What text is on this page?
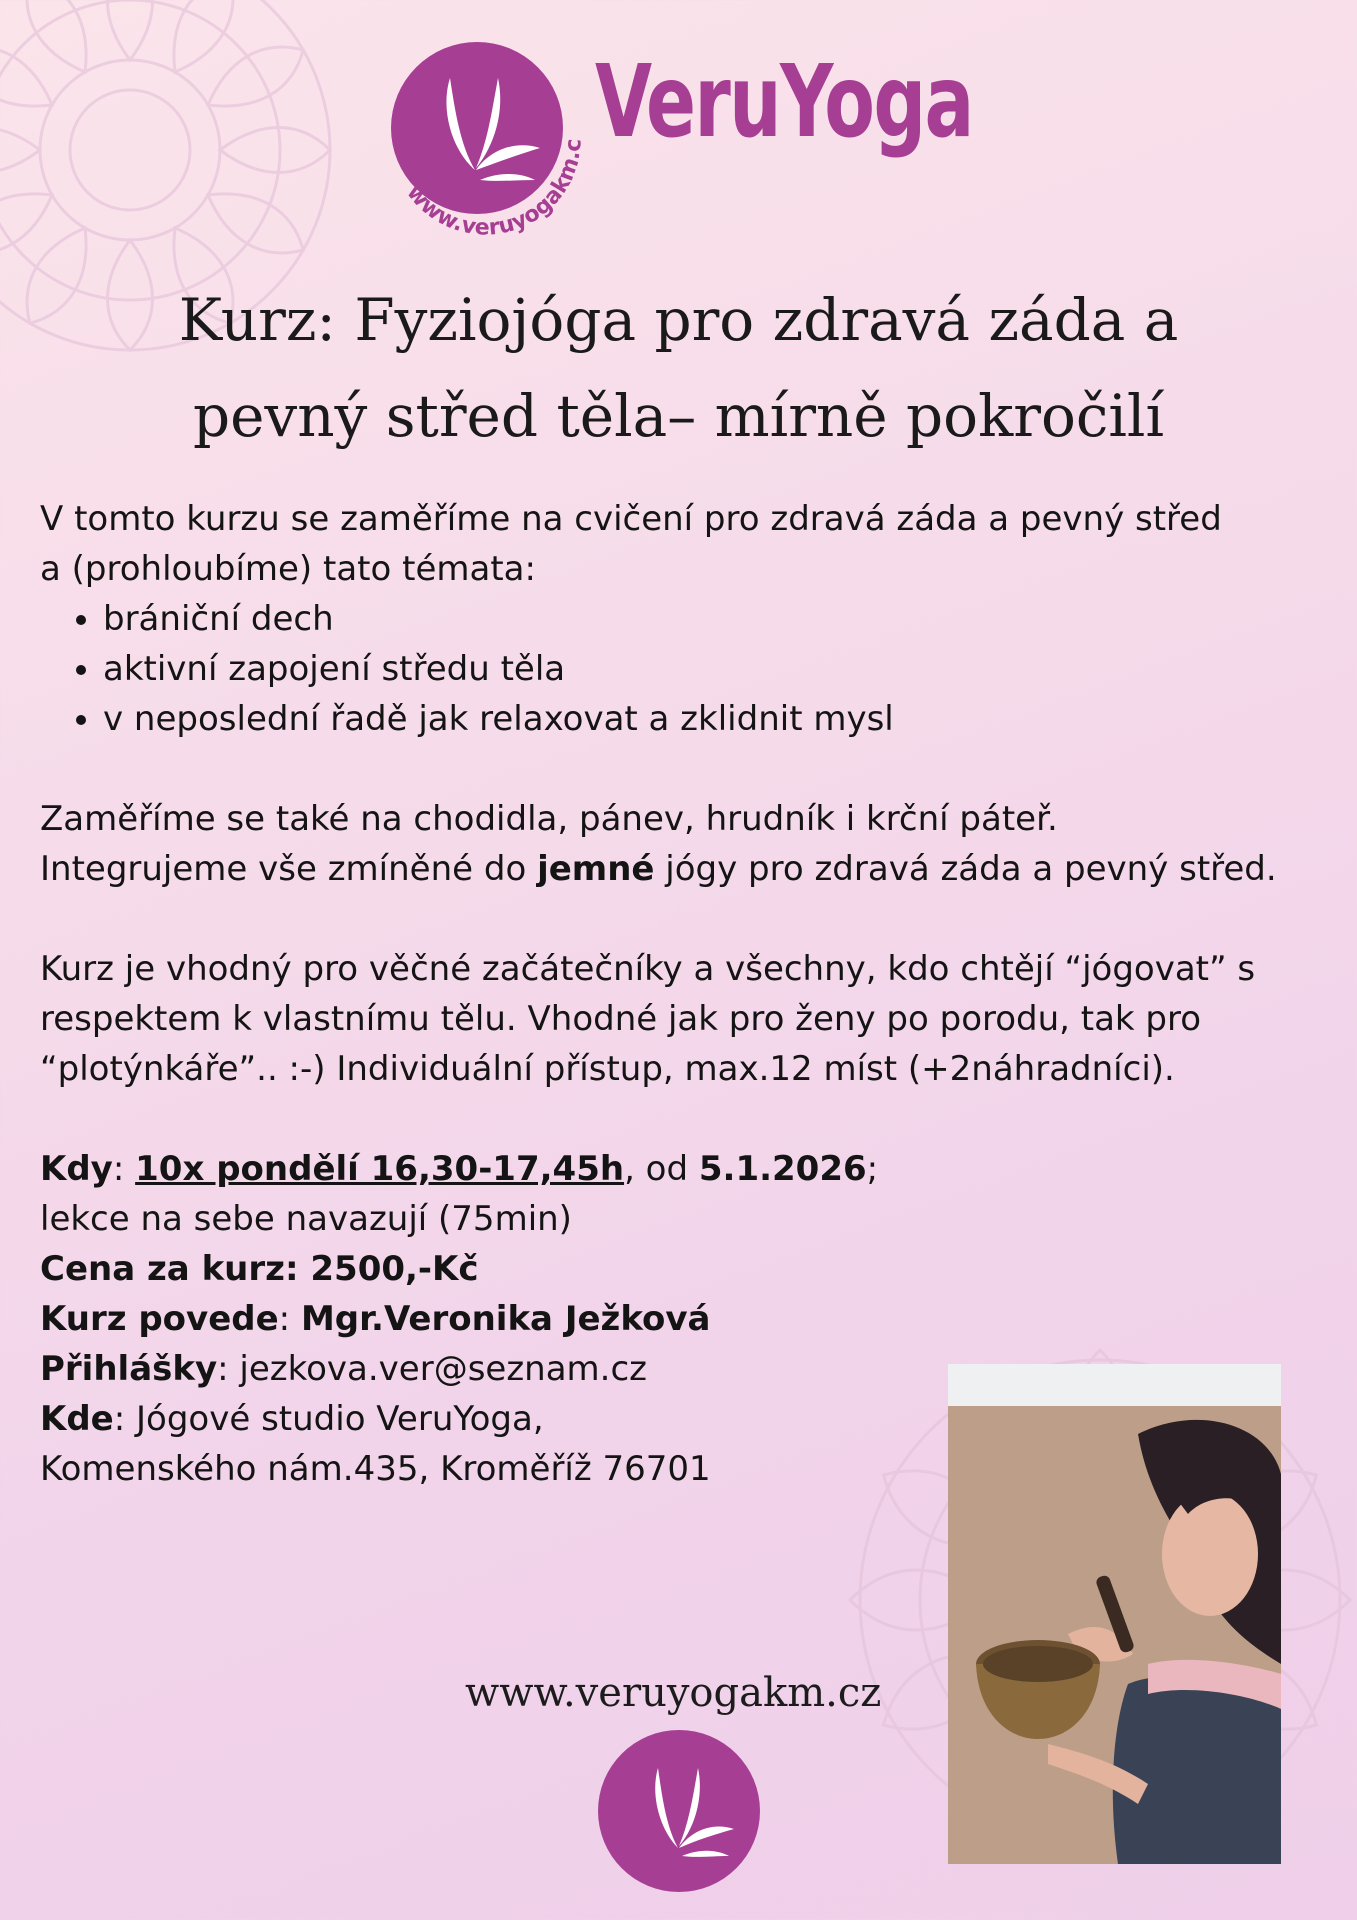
www.veruyogakm.cz
VeruYoga
Kurz: Fyziojóga pro zdravá záda a
pevný střed těla– mírně pokročilí

V tomto kurzu se zaměříme na cvičení pro zdravá záda a pevný střed
a (prohloubíme) tato témata:

• brániční dech
• aktivní zapojení středu těla
• v neposlední řadě jak relaxovat a zklidnit mysl

Zaměříme se také na chodidla, pánev, hrudník i krční páteř.
Integrujeme vše zmíněné do jemné jógy pro zdravá záda a pevný střed.

Kurz je vhodný pro věčné začátečníky a všechny, kdo chtějí “jógovat” s
respektem k vlastnímu tělu. Vhodné jak pro ženy po porodu, tak pro
“plotýnkáře”.. :-) Individuální přístup, max.12 míst (+2náhradníci).

Kdy: 10x pondělí 16,30-17,45h, od 5.1.2026;
lekce na sebe navazují (75min)
Cena za kurz: 2500,-Kč
Kurz povede: Mgr.Veronika Ježková
Přihlášky: jezkova.ver@seznam.cz
Kde: Jógové studio VeruYoga,
Komenského nám.435, Kroměříž 76701

www.veruyogakm.cz
